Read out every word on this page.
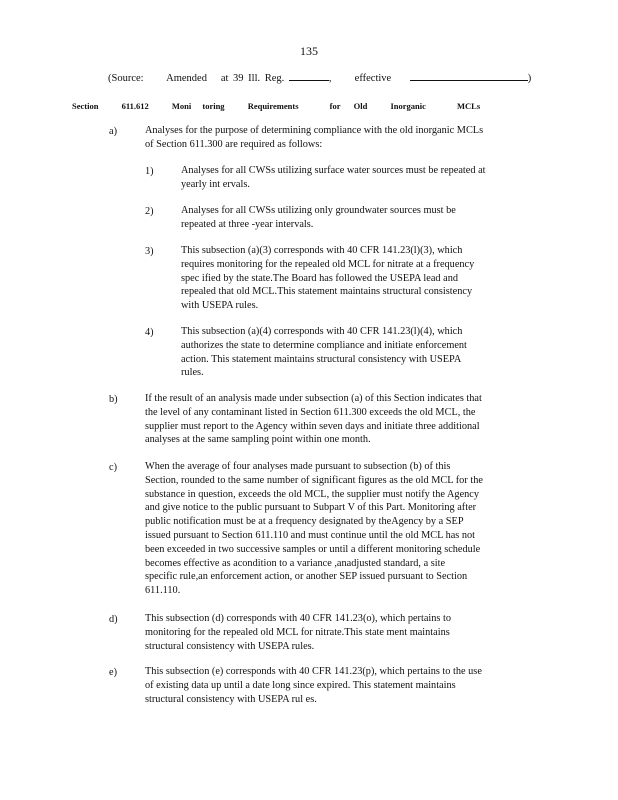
135
(Source: Amended at 39 Ill. Reg.	, effective	)
Section	611.612	Moni toring	Requirements	for Old	Inorganic	MCLs
a)	Analyses for the purpose of determining compliance with the old inorganic MCLs

of Section 611.300 are required as follows:

1)	Analyses for all CWSs utilizing surface water sources must be repeated at

yearly int ervals.

2)	Analyses for all CWSs utilizing only groundwater sources must be

repeated at three -year intervals.

3)	This subsection (a)(3) corresponds with 40 CFR 141.23(l)(3), which

requires monitoring for the repealed old MCL for nitrate at a frequency

spec ified by the state.The Board has followed the USEPA lead and

repealed that old MCL.This statement maintains structural consistency

with USEPA rules.

4)	This subsection (a)(4) corresponds with 40 CFR 141.23(l)(4), which

authorizes the state to determine compliance and initiate enforcement

action. This statement maintains structural consistency with USEPA

rules.

b)	If the result of an analysis made under subsection (a) of this Section indicates that

the level of any contaminant listed in Section 611.300 exceeds the old MCL, the

supplier must report to the Agency within seven days and initiate three additional

analyses at the same sampling point within one month.

c)	When the average of four analyses made pursuant to subsection (b) of this

Section, rounded to the same number of significant figures as the old MCL for the

substance in question, exceeds the old MCL, the supplier must notify the Agency

and give notice to the public pursuant to Subpart V of this Part. Monitoring after

public notification must be at a frequency designated by theAgency by a SEP

issued pursuant to Section 611.110 and must continue until the old MCL has not

been exceeded in two successive samples or until a different monitoring schedule

becomes effective as acondition to a variance ,anadjusted standard, a site

specific rule,an enforcement action, or another SEP issued pursuant to Section

611.110.

d)	This subsection (d) corresponds with 40 CFR 141.23(o), which pertains to

monitoring for the repealed old MCL for nitrate.This state ment maintains

structural consistency with USEPA rules.

e)	This subsection (e) corresponds with 40 CFR 141.23(p), which pertains to the use

of existing data up until a date long since expired. This statement maintains

structural consistency with USEPA rul es.
